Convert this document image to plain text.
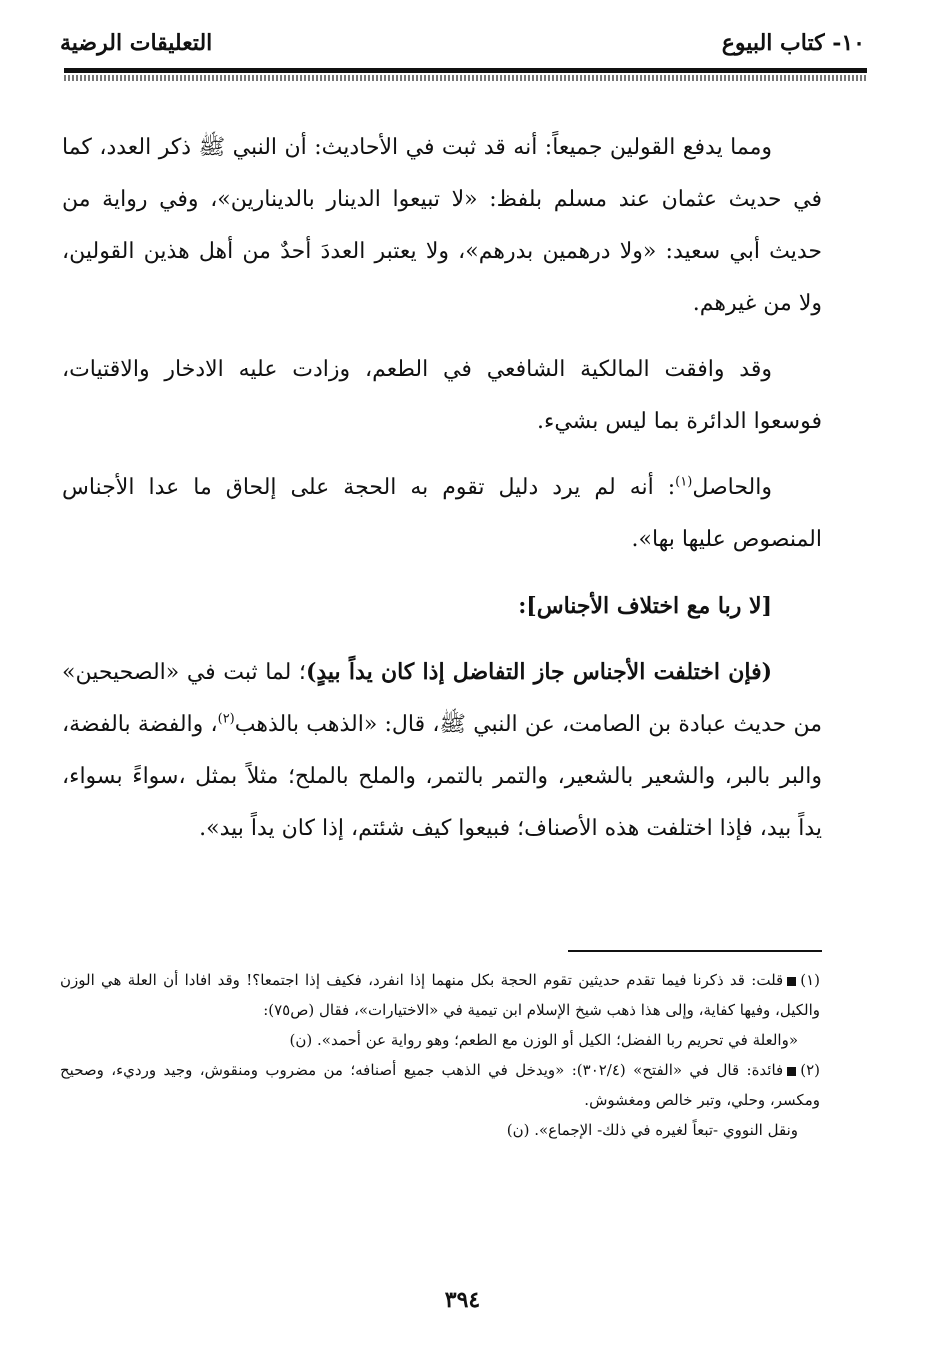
١٠- كتاب البيوع
التعليقات الرضية

ومما يدفع القولين جميعاً: أنه قد ثبت في الأحاديث: أن النبي ﷺ ذكر العدد، كما في حديث عثمان عند مسلم بلفظ: «لا تبيعوا الدينار بالدينارين»، وفي رواية من حديث أبي سعيد: «ولا درهمين بدرهم»، ولا يعتبر العددَ أحدٌ من أهل هذين القولين، ولا من غيرهم.

وقد وافقت المالكية الشافعي في الطعم، وزادت عليه الادخار والاقتيات، فوسعوا الدائرة بما ليس بشيء.

والحاصل$^{(١)}$: أنه لم يرد دليل تقوم به الحجة على إلحاق ما عدا الأجناس المنصوص عليها بها».

[لا ربا مع اختلاف الأجناس]:

(فإن اختلفت الأجناس جاز التفاضل إذا كان يداً بيدٍ)؛ لما ثبت في «الصحيحين» من حديث عبادة بن الصامت، عن النبي ﷺ، قال: «الذهب بالذهب$^{(٢)}$، والفضة بالفضة، والبر بالبر، والشعير بالشعير، والتمر بالتمر، والملح بالملح؛ مثلاً بمثل ،سواءً بسواء، يداً بيد، فإذا اختلفت هذه الأصناف؛ فبيعوا كيف شئتم، إذا كان يداً بيد».

(١)قلت: قد ذكرنا فيما تقدم حديثين تقوم الحجة بكل منهما إذا انفرد، فكيف إذا اجتمعا؟! وقد افادا أن العلة هي الوزن والكيل، وفيها كفاية، وإلى هذا ذهب شيخ الإسلام ابن تيمية في «الاختيارات»، فقال (ص٧٥):

«والعلة في تحريم ربا الفضل؛ الكيل أو الوزن مع الطعم؛ وهو رواية عن أحمد». (ن)

(٢)فائدة: قال في «الفتح» (٣٠٢/٤): «ويدخل في الذهب جميع أصنافه؛ من مضروب ومنقوش، وجيد ورديء، وصحيح ومكسر، وحلي، وتبر خالص ومغشوش.

ونقل النووي -تبعاً لغيره في ذلك- الإجماع». (ن)

٣٩٤
